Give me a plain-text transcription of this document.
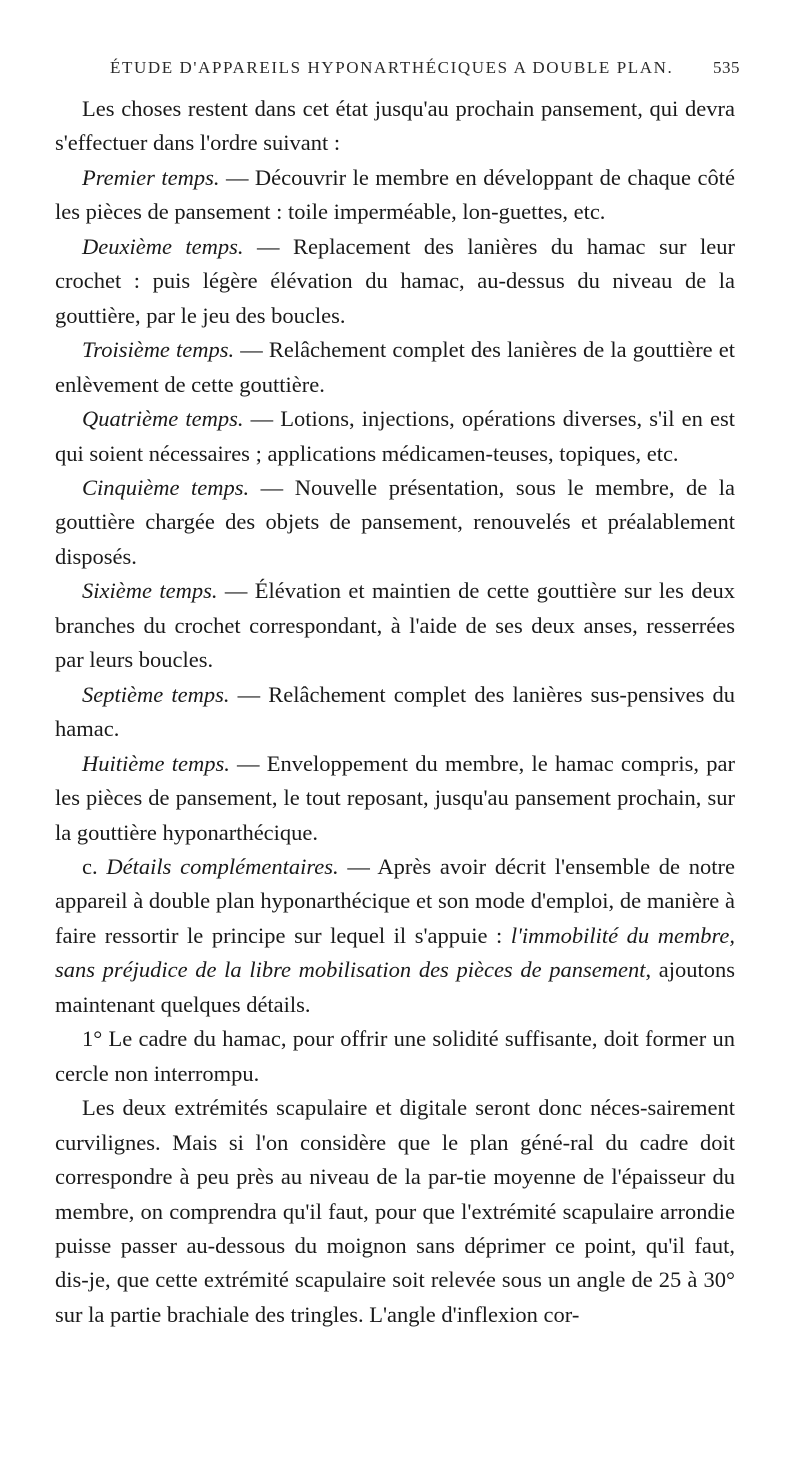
ÉTUDE D'APPAREILS HYPONARTHÉCIQUES A DOUBLE PLAN. 535

Les choses restent dans cet état jusqu'au prochain pansement, qui devra s'effectuer dans l'ordre suivant :

Premier temps. — Découvrir le membre en développant de chaque côté les pièces de pansement : toile imperméable, lon-guettes, etc.

Deuxième temps. — Replacement des lanières du hamac sur leur crochet : puis légère élévation du hamac, au-dessus du niveau de la gouttière, par le jeu des boucles.

Troisième temps. — Relâchement complet des lanières de la gouttière et enlèvement de cette gouttière.

Quatrième temps. — Lotions, injections, opérations diverses, s'il en est qui soient nécessaires ; applications médicamen-teuses, topiques, etc.

Cinquième temps. — Nouvelle présentation, sous le membre, de la gouttière chargée des objets de pansement, renouvelés et préalablement disposés.

Sixième temps. — Élévation et maintien de cette gouttière sur les deux branches du crochet correspondant, à l'aide de ses deux anses, resserrées par leurs boucles.

Septième temps. — Relâchement complet des lanières sus-pensives du hamac.

Huitième temps. — Enveloppement du membre, le hamac compris, par les pièces de pansement, le tout reposant, jusqu'au pansement prochain, sur la gouttière hyponarthécique.

c. Détails complémentaires. — Après avoir décrit l'ensemble de notre appareil à double plan hyponarthécique et son mode d'emploi, de manière à faire ressortir le principe sur lequel il s'appuie : l'immobilité du membre, sans préjudice de la libre mobilisation des pièces de pansement, ajoutons maintenant quelques détails.

1° Le cadre du hamac, pour offrir une solidité suffisante, doit former un cercle non interrompu.

Les deux extrémités scapulaire et digitale seront donc néces-sairement curvilignes. Mais si l'on considère que le plan géné-ral du cadre doit correspondre à peu près au niveau de la par-tie moyenne de l'épaisseur du membre, on comprendra qu'il faut, pour que l'extrémité scapulaire arrondie puisse passer au-dessous du moignon sans déprimer ce point, qu'il faut, dis-je, que cette extrémité scapulaire soit relevée sous un angle de 25 à 30° sur la partie brachiale des tringles. L'angle d'inflexion cor-
